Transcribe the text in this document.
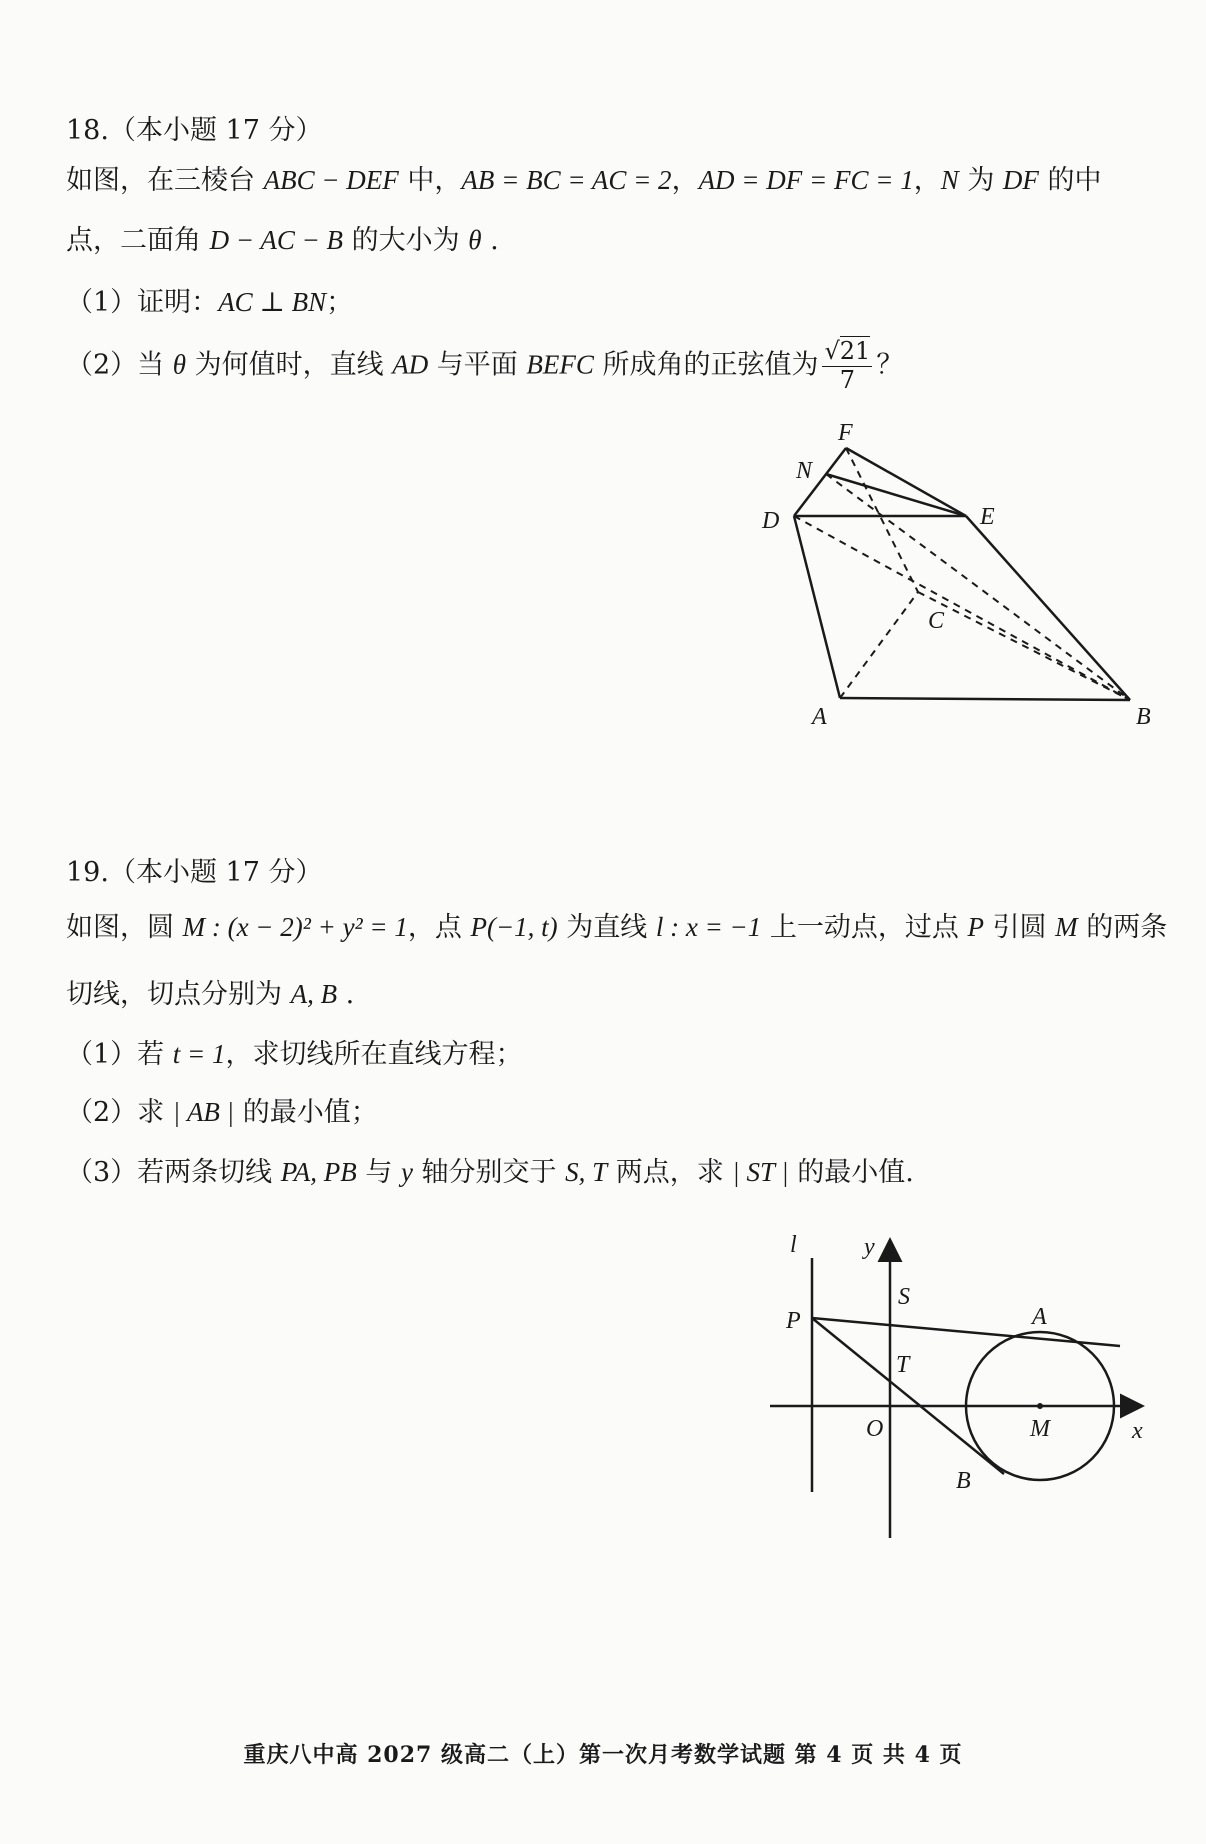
18.（本小题 17 分）
如图，在三棱台 ABC − DEF 中，AB = BC = AC = 2，AD = DF = FC = 1，N 为 DF 的中
点，二面角 D − AC − B 的大小为 θ .
（1）证明：AC ⊥ BN；
（2）当 θ 为何值时，直线 AD 与平面 BEFC 所成角的正弦值为 $\frac{√21}{7}$ ？
F
N
E
D
C
A	B
19.（本小题 17 分）
如图，圆 M : (x − 2)² + y² = 1，点 P(−1, t) 为直线 l : x = −1 上一动点，过点 P 引圆 M 的两条
切线，切点分别为 A, B .
（1）若 t = 1，求切线所在直线方程；
（2）求 | AB | 的最小值；
（3）若两条切线 PA, PB 与 y 轴分别交于 S, T 两点，求 | ST | 的最小值.
l	y
S
A
P
T
O	M	x
B
重庆八中高 2027 级高二（上）第一次月考数学试题 第 4 页 共 4 页
